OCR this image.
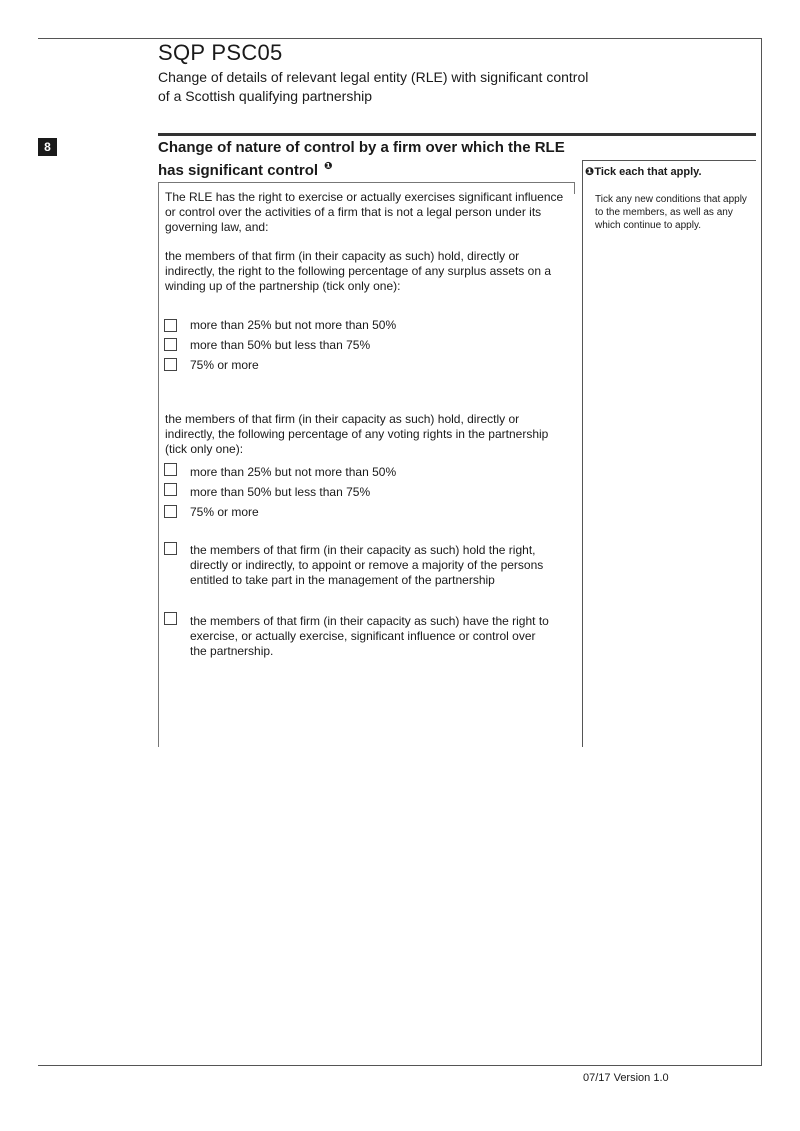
SQP PSC05
Change of details of relevant legal entity (RLE) with significant control
of a Scottish qualifying partnership
8	Change of nature of control by a firm over which the RLE
has significant control $^❶$	❶Tick each that apply.
Tick any new conditions that apply to the members, as well as any which continue to apply.
The RLE has the right to exercise or actually exercises significant influence or control over the activities of a firm that is not a legal person under its governing law, and:
the members of that firm (in their capacity as such) hold, directly or indirectly, the right to the following percentage of any surplus assets on a winding up of the partnership (tick only one):
more than 25% but not more than 50%
more than 50% but less than 75%
75% or more
the members of that firm (in their capacity as such) hold, directly or indirectly, the following percentage of any voting rights in the partnership (tick only one):
more than 25% but not more than 50%
more than 50% but less than 75%
75% or more
the members of that firm (in their capacity as such) hold the right, directly or indirectly, to appoint or remove a majority of the persons entitled to take part in the management of the partnership
the members of that firm (in their capacity as such) have the right to exercise, or actually exercise, significant influence or control over the partnership.
07/17 Version 1.0
